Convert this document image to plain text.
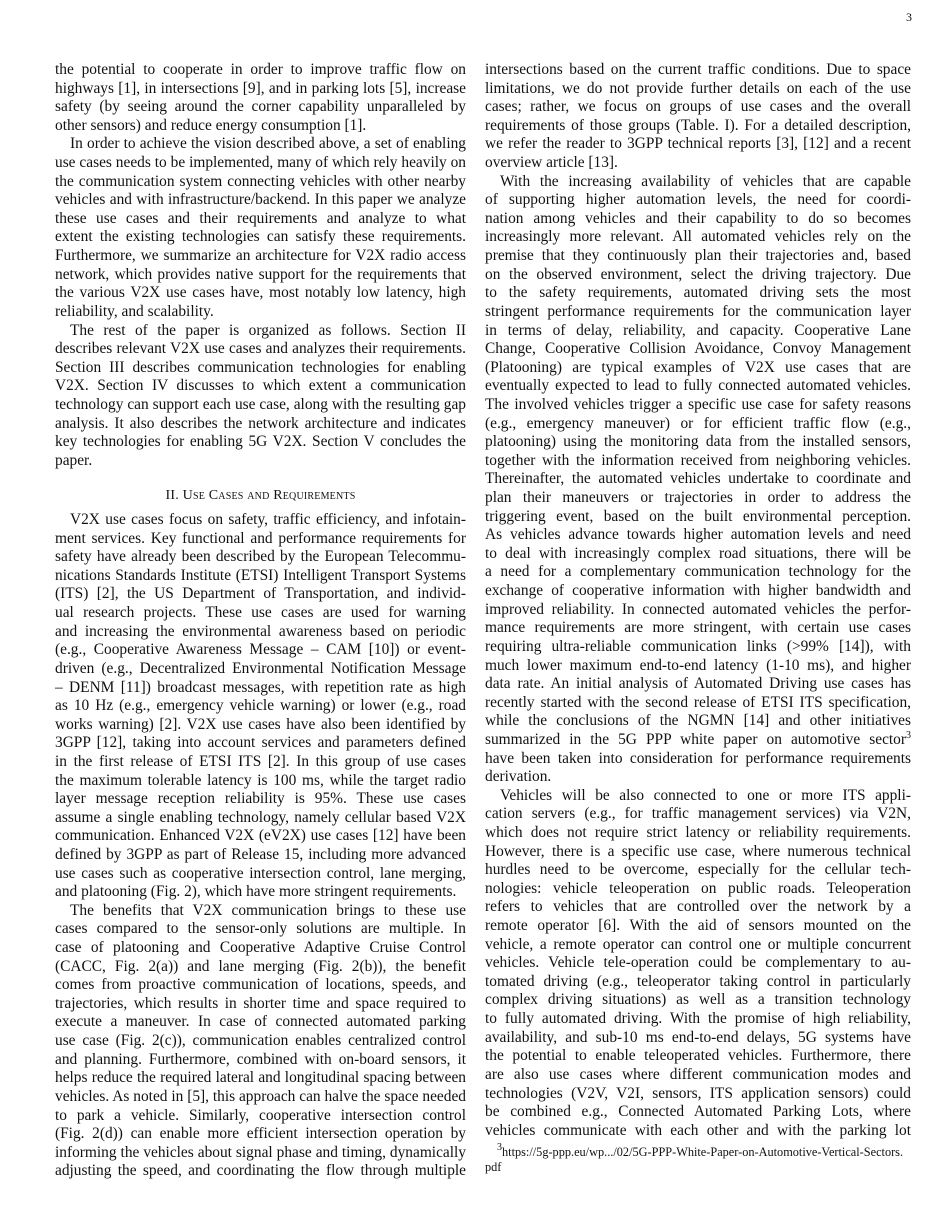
3
the potential to cooperate in order to improve traffic flow on
highways [1], in intersections [9], and in parking lots [5], increase
safety (by seeing around the corner capability unparalleled by
other sensors) and reduce energy consumption [1].
In order to achieve the vision described above, a set of enabling
use cases needs to be implemented, many of which rely heavily on
the communication system connecting vehicles with other nearby
vehicles and with infrastructure/backend. In this paper we analyze
these use cases and their requirements and analyze to what
extent the existing technologies can satisfy these requirements.
Furthermore, we summarize an architecture for V2X radio access
network, which provides native support for the requirements that
the various V2X use cases have, most notably low latency, high
reliability, and scalability.
The rest of the paper is organized as follows. Section II
describes relevant V2X use cases and analyzes their requirements.
Section III describes communication technologies for enabling
V2X. Section IV discusses to which extent a communication
technology can support each use case, along with the resulting gap
analysis. It also describes the network architecture and indicates
key technologies for enabling 5G V2X. Section V concludes the
paper.
II. Use Cases and Requirements
V2X use cases focus on safety, traffic efficiency, and infotain-
ment services. Key functional and performance requirements for
safety have already been described by the European Telecommu-
nications Standards Institute (ETSI) Intelligent Transport Systems
(ITS) [2], the US Department of Transportation, and individ-
ual research projects. These use cases are used for warning
and increasing the environmental awareness based on periodic
(e.g., Cooperative Awareness Message – CAM [10]) or event-
driven (e.g., Decentralized Environmental Notification Message
– DENM [11]) broadcast messages, with repetition rate as high
as 10 Hz (e.g., emergency vehicle warning) or lower (e.g., road
works warning) [2]. V2X use cases have also been identified by
3GPP [12], taking into account services and parameters defined
in the first release of ETSI ITS [2]. In this group of use cases
the maximum tolerable latency is 100 ms, while the target radio
layer message reception reliability is 95%. These use cases
assume a single enabling technology, namely cellular based V2X
communication. Enhanced V2X (eV2X) use cases [12] have been
defined by 3GPP as part of Release 15, including more advanced
use cases such as cooperative intersection control, lane merging,
and platooning (Fig. 2), which have more stringent requirements.
The benefits that V2X communication brings to these use
cases compared to the sensor-only solutions are multiple. In
case of platooning and Cooperative Adaptive Cruise Control
(CACC, Fig. 2(a)) and lane merging (Fig. 2(b)), the benefit
comes from proactive communication of locations, speeds, and
trajectories, which results in shorter time and space required to
execute a maneuver. In case of connected automated parking
use case (Fig. 2(c)), communication enables centralized control
and planning. Furthermore, combined with on-board sensors, it
helps reduce the required lateral and longitudinal spacing between
vehicles. As noted in [5], this approach can halve the space needed
to park a vehicle. Similarly, cooperative intersection control
(Fig. 2(d)) can enable more efficient intersection operation by
informing the vehicles about signal phase and timing, dynamically
adjusting the speed, and coordinating the flow through multiple
intersections based on the current traffic conditions. Due to space
limitations, we do not provide further details on each of the use
cases; rather, we focus on groups of use cases and the overall
requirements of those groups (Table. I). For a detailed description,
we refer the reader to 3GPP technical reports [3], [12] and a recent
overview article [13].
With the increasing availability of vehicles that are capable
of supporting higher automation levels, the need for coordi-
nation among vehicles and their capability to do so becomes
increasingly more relevant. All automated vehicles rely on the
premise that they continuously plan their trajectories and, based
on the observed environment, select the driving trajectory. Due
to the safety requirements, automated driving sets the most
stringent performance requirements for the communication layer
in terms of delay, reliability, and capacity. Cooperative Lane
Change, Cooperative Collision Avoidance, Convoy Management
(Platooning) are typical examples of V2X use cases that are
eventually expected to lead to fully connected automated vehicles.
The involved vehicles trigger a specific use case for safety reasons
(e.g., emergency maneuver) or for efficient traffic flow (e.g.,
platooning) using the monitoring data from the installed sensors,
together with the information received from neighboring vehicles.
Thereinafter, the automated vehicles undertake to coordinate and
plan their maneuvers or trajectories in order to address the
triggering event, based on the built environmental perception.
As vehicles advance towards higher automation levels and need
to deal with increasingly complex road situations, there will be
a need for a complementary communication technology for the
exchange of cooperative information with higher bandwidth and
improved reliability. In connected automated vehicles the perfor-
mance requirements are more stringent, with certain use cases
requiring ultra-reliable communication links (>99% [14]), with
much lower maximum end-to-end latency (1-10 ms), and higher
data rate. An initial analysis of Automated Driving use cases has
recently started with the second release of ETSI ITS specification,
while the conclusions of the NGMN [14] and other initiatives
summarized in the 5G PPP white paper on automotive sector$^3$
have been taken into consideration for performance requirements
derivation.
Vehicles will be also connected to one or more ITS appli-
cation servers (e.g., for traffic management services) via V2N,
which does not require strict latency or reliability requirements.
However, there is a specific use case, where numerous technical
hurdles need to be overcome, especially for the cellular tech-
nologies: vehicle teleoperation on public roads. Teleoperation
refers to vehicles that are controlled over the network by a
remote operator [6]. With the aid of sensors mounted on the
vehicle, a remote operator can control one or multiple concurrent
vehicles. Vehicle tele-operation could be complementary to au-
tomated driving (e.g., teleoperator taking control in particularly
complex driving situations) as well as a transition technology
to fully automated driving. With the promise of high reliability,
availability, and sub-10 ms end-to-end delays, 5G systems have
the potential to enable teleoperated vehicles. Furthermore, there
are also use cases where different communication modes and
technologies (V2V, V2I, sensors, ITS application sensors) could
be combined e.g., Connected Automated Parking Lots, where
vehicles communicate with each other and with the parking lot
$^3$https://5g-ppp.eu/wp.../02/5G-PPP-White-Paper-on-Automotive-Vertical-Sectors.
pdf
